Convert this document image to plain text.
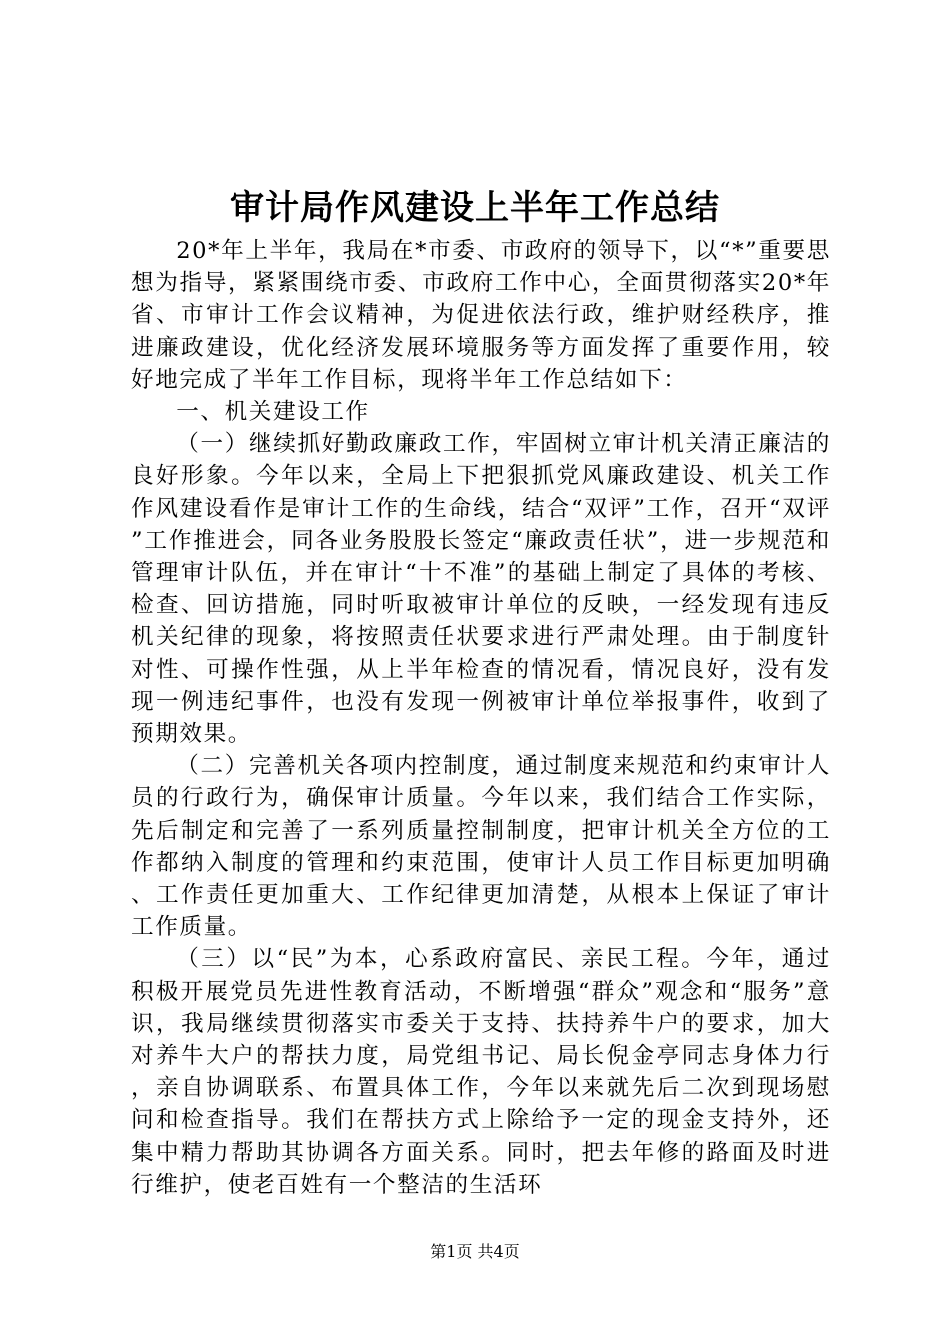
审计局作风建设上半年工作总结

20*年上半年，我局在*市委、市政府的领导下，以“*”重要思想为指导，紧紧围绕市委、市政府工作中心，全面贯彻落实20*年省、市审计工作会议精神，为促进依法行政，维护财经秩序，推进廉政建设，优化经济发展环境服务等方面发挥了重要作用，较好地完成了半年工作目标，现将半年工作总结如下：

一、机关建设工作

（一）继续抓好勤政廉政工作，牢固树立审计机关清正廉洁的良好形象。今年以来，全局上下把狠抓党风廉政建设、机关工作作风建设看作是审计工作的生命线，结合“双评”工作，召开“双评”工作推进会，同各业务股股长签定“廉政责任状”，进一步规范和管理审计队伍，并在审计“十不准”的基础上制定了具体的考核、检查、回访措施，同时听取被审计单位的反映，一经发现有违反机关纪律的现象，将按照责任状要求进行严肃处理。由于制度针对性、可操作性强，从上半年检查的情况看，情况良好，没有发现一例违纪事件，也没有发现一例被审计单位举报事件，收到了预期效果。

（二）完善机关各项内控制度，通过制度来规范和约束审计人员的行政行为，确保审计质量。今年以来，我们结合工作实际，先后制定和完善了一系列质量控制制度，把审计机关全方位的工作都纳入制度的管理和约束范围，使审计人员工作目标更加明确、工作责任更加重大、工作纪律更加清楚，从根本上保证了审计工作质量。

（三）以“民”为本，心系政府富民、亲民工程。今年，通过积极开展党员先进性教育活动，不断增强“群众”观念和“服务”意识，我局继续贯彻落实市委关于支持、扶持养牛户的要求，加大对养牛大户的帮扶力度，局党组书记、局长倪金亭同志身体力行，亲自协调联系、布置具体工作，今年以来就先后二次到现场慰问和检查指导。我们在帮扶方式上除给予一定的现金支持外，还集中精力帮助其协调各方面关系。同时，把去年修的路面及时进行维护，使老百姓有一个整洁的生活环

第1页 共4页
